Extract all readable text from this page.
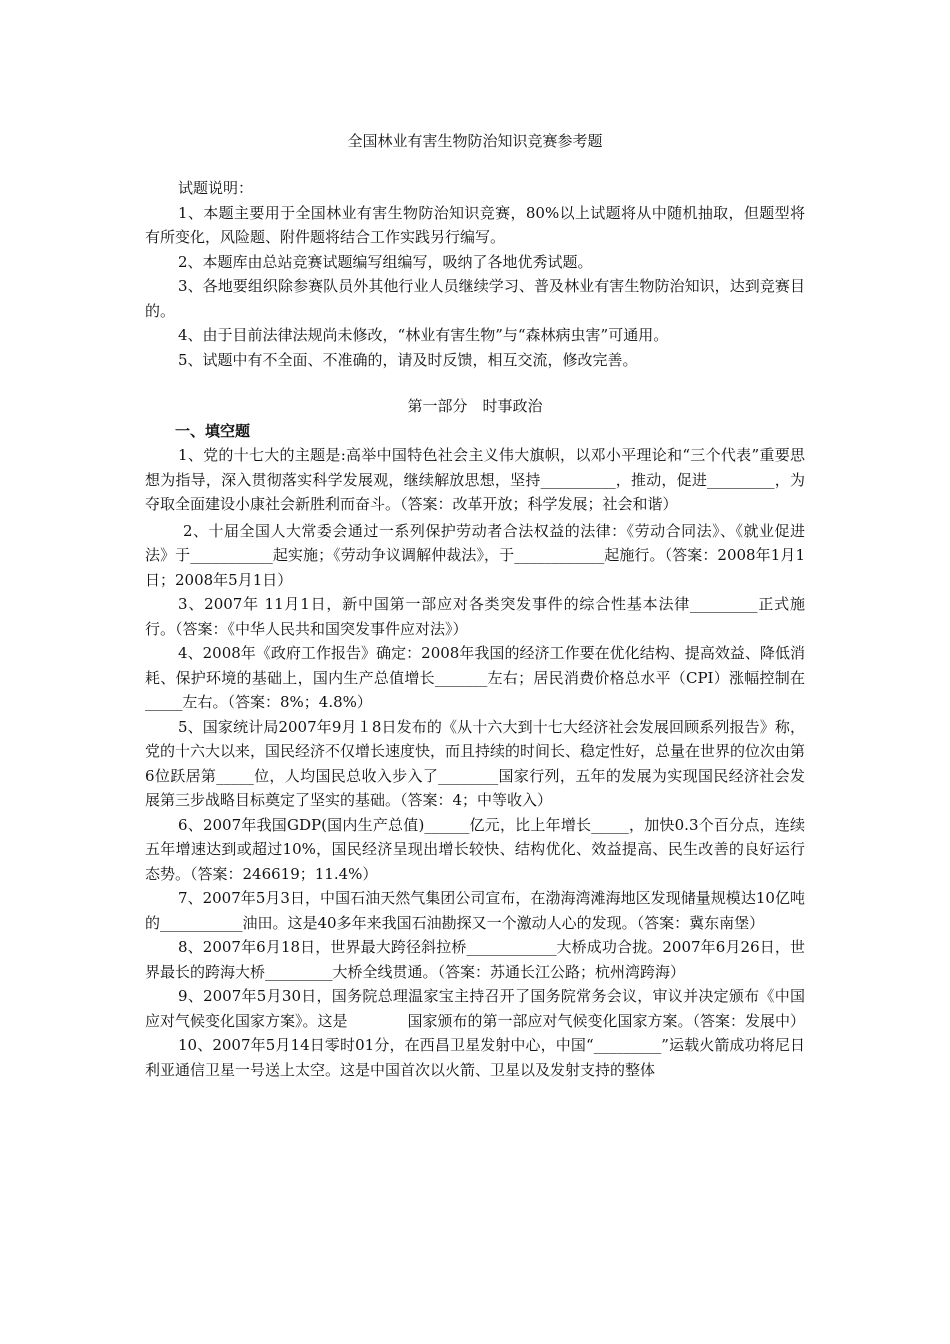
全国林业有害生物防治知识竞赛参考题

试题说明：

1、本题主要用于全国林业有害生物防治知识竞赛，80%以上试题将从中随机抽取，但题型将有所变化，风险题、附件题将结合工作实践另行编写。

2、本题库由总站竞赛试题编写组编写，吸纳了各地优秀试题。

3、各地要组织除参赛队员外其他行业人员继续学习、普及林业有害生物防治知识，达到竞赛目的。

4、由于目前法律法规尚未修改，“林业有害生物”与“森林病虫害”可通用。

5、试题中有不全面、不准确的，请及时反馈，相互交流，修改完善。

第一部分　时事政治
一、填空题

1、党的十七大的主题是:高举中国特色社会主义伟大旗帜，以邓小平理论和“三个代表”重要思想为指导，深入贯彻落实科学发展观，继续解放思想，坚持__________，推动，促进_________，为夺取全面建设小康社会新胜利而奋斗。（答案：改革开放；科学发展；社会和谐）

2、十届全国人大常委会通过一系列保护劳动者合法权益的法律：《劳动合同法》、《就业促进法》于___________起实施；《劳动争议调解仲裁法》，于____________起施行。（答案：2008年1月1日；2008年5月1日）

3、2007年 11月1日，新中国第一部应对各类突发事件的综合性基本法律_________正式施行。（答案：《中华人民共和国突发事件应对法》）

4、2008年《政府工作报告》确定：2008年我国的经济工作要在优化结构、提高效益、降低消耗、保护环境的基础上，国内生产总值增长_______左右；居民消费价格总水平（CPI）涨幅控制在_____左右。（答案：8%；4.8%）

5、国家统计局2007年9月１8日发布的《从十六大到十七大经济社会发展回顾系列报告》称，党的十六大以来，国民经济不仅增长速度快，而且持续的时间长、稳定性好，总量在世界的位次由第6位跃居第_____位，人均国民总收入步入了________国家行列，五年的发展为实现国民经济社会发展第三步战略目标奠定了坚实的基础。（答案：4；中等收入）

6、2007年我国GDP(国内生产总值)______亿元，比上年增长_____，加快0.3个百分点，连续五年增速达到或超过10%，国民经济呈现出增长较快、结构优化、效益提高、民生改善的良好运行态势。（答案：246619；11.4%）

7、2007年5月3日，中国石油天然气集团公司宣布，在渤海湾滩海地区发现储量规模达10亿吨的___________油田。这是40多年来我国石油勘探又一个激动人心的发现。（答案：冀东南堡）

8、2007年6月18日，世界最大跨径斜拉桥____________大桥成功合拢。2007年6月26日，世界最长的跨海大桥_________大桥全线贯通。（答案：苏通长江公路；杭州湾跨海）

9、2007年5月30日，国务院总理温家宝主持召开了国务院常务会议，审议并决定颁布《中国应对气候变化国家方案》。这是　　　　国家颁布的第一部应对气候变化国家方案。（答案：发展中）

10、2007年5月14日零时01分，在西昌卫星发射中心，中国“_________”运载火箭成功将尼日利亚通信卫星一号送上太空。这是中国首次以火箭、卫星以及发射支持的整体
